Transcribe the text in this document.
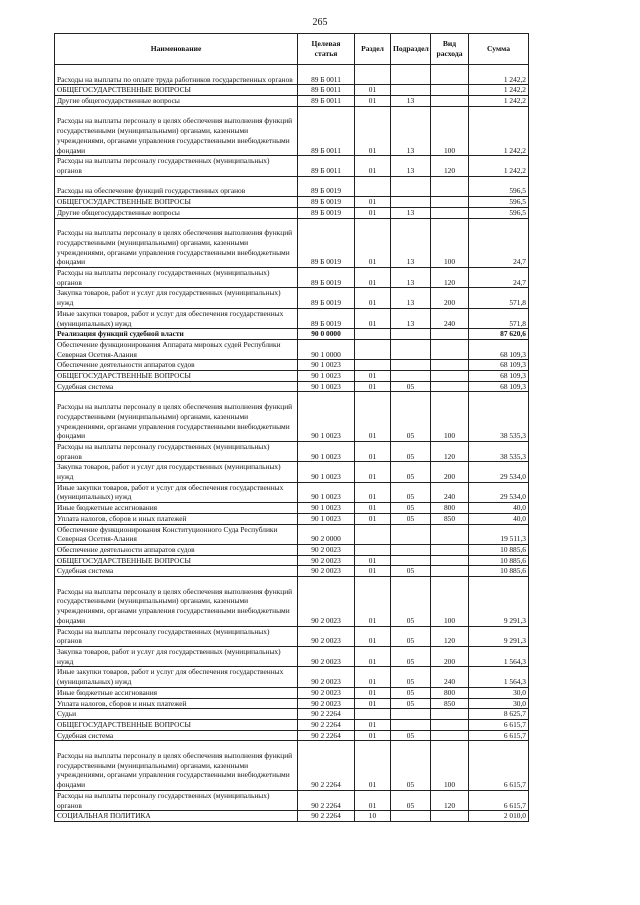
265
Наименование	Целевая статья	Раздел	Подраздел	Вид расхода	Сумма
Расходы на выплаты по оплате труда работников государственных органов	89 Б 0011				1 242,2
ОБЩЕГОСУДАРСТВЕННЫЕ ВОПРОСЫ	89 Б 0011	01			1 242,2
Другие общегосударственные вопросы	89 Б 0011	01	13		1 242,2
Расходы на выплаты персоналу в целях обеспечения выполнения функций государственными (муниципальными) органами, казенными учреждениями, органами управления государственными внебюджетными фондами	89 Б 0011	01	13	100	1 242,2
Расходы на выплаты персоналу государственных (муниципальных) органов	89 Б 0011	01	13	120	1 242,2
Расходы на обеспечение функций государственных органов	89 Б 0019				596,5
ОБЩЕГОСУДАРСТВЕННЫЕ ВОПРОСЫ	89 Б 0019	01			596,5
Другие общегосударственные вопросы	89 Б 0019	01	13		596,5
Расходы на выплаты персоналу в целях обеспечения выполнения функций государственными (муниципальными) органами, казенными учреждениями, органами управления государственными внебюджетными фондами	89 Б 0019	01	13	100	24,7
Расходы на выплаты персоналу государственных (муниципальных) органов	89 Б 0019	01	13	120	24,7
Закупка товаров, работ и услуг для государственных (муниципальных) нужд	89 Б 0019	01	13	200	571,8
Иные закупки товаров, работ и услуг для обеспечения государственных (муниципальных) нужд	89 Б 0019	01	13	240	571,8
Реализация функций судебной власти	90 0 0000				87 620,6
Обеспечение функционирования Аппарата мировых судей Республики Северная Осетия-Алания	90 1 0000				68 109,3
Обеспечение деятельности аппаратов судов	90 1 0023				68 109,3
ОБЩЕГОСУДАРСТВЕННЫЕ ВОПРОСЫ	90 1 0023	01			68 109,3
Судебная система	90 1 0023	01	05		68 109,3
Расходы на выплаты персоналу в целях обеспечения выполнения функций государственными (муниципальными) органами, казенными учреждениями, органами управления государственными внебюджетными фондами	90 1 0023	01	05	100	38 535,3
Расходы на выплаты персоналу государственных (муниципальных) органов	90 1 0023	01	05	120	38 535,3
Закупка товаров, работ и услуг для государственных (муниципальных) нужд	90 1 0023	01	05	200	29 534,0
Иные закупки товаров, работ и услуг для обеспечения государственных (муниципальных) нужд	90 1 0023	01	05	240	29 534,0
Иные бюджетные ассигнования	90 1 0023	01	05	800	40,0
Уплата налогов, сборов и иных платежей	90 1 0023	01	05	850	40,0
Обеспечение функционирования Конституционного Суда Республики Северная Осетия-Алания	90 2 0000				19 511,3
Обеспечение деятельности аппаратов судов	90 2 0023				10 885,6
ОБЩЕГОСУДАРСТВЕННЫЕ ВОПРОСЫ	90 2 0023	01			10 885,6
Судебная система	90 2 0023	01	05		10 885,6
Расходы на выплаты персоналу в целях обеспечения выполнения функций государственными (муниципальными) органами, казенными учреждениями, органами управления государственными внебюджетными фондами	90 2 0023	01	05	100	9 291,3
Расходы на выплаты персоналу государственных (муниципальных) органов	90 2 0023	01	05	120	9 291,3
Закупка товаров, работ и услуг для государственных (муниципальных) нужд	90 2 0023	01	05	200	1 564,3
Иные закупки товаров, работ и услуг для обеспечения государственных (муниципальных) нужд	90 2 0023	01	05	240	1 564,3
Иные бюджетные ассигнования	90 2 0023	01	05	800	30,0
Уплата налогов, сборов и иных платежей	90 2 0023	01	05	850	30,0
Судьи	90 2 2264				8 625,7
ОБЩЕГОСУДАРСТВЕННЫЕ ВОПРОСЫ	90 2 2264	01			6 615,7
Судебная система	90 2 2264	01	05		6 615,7
Расходы на выплаты персоналу в целях обеспечения выполнения функций государственными (муниципальными) органами, казенными учреждениями, органами управления государственными внебюджетными фондами	90 2 2264	01	05	100	6 615,7
Расходы на выплаты персоналу государственных (муниципальных) органов	90 2 2264	01	05	120	6 615,7
СОЦИАЛЬНАЯ ПОЛИТИКА	90 2 2264	10			2 010,0
